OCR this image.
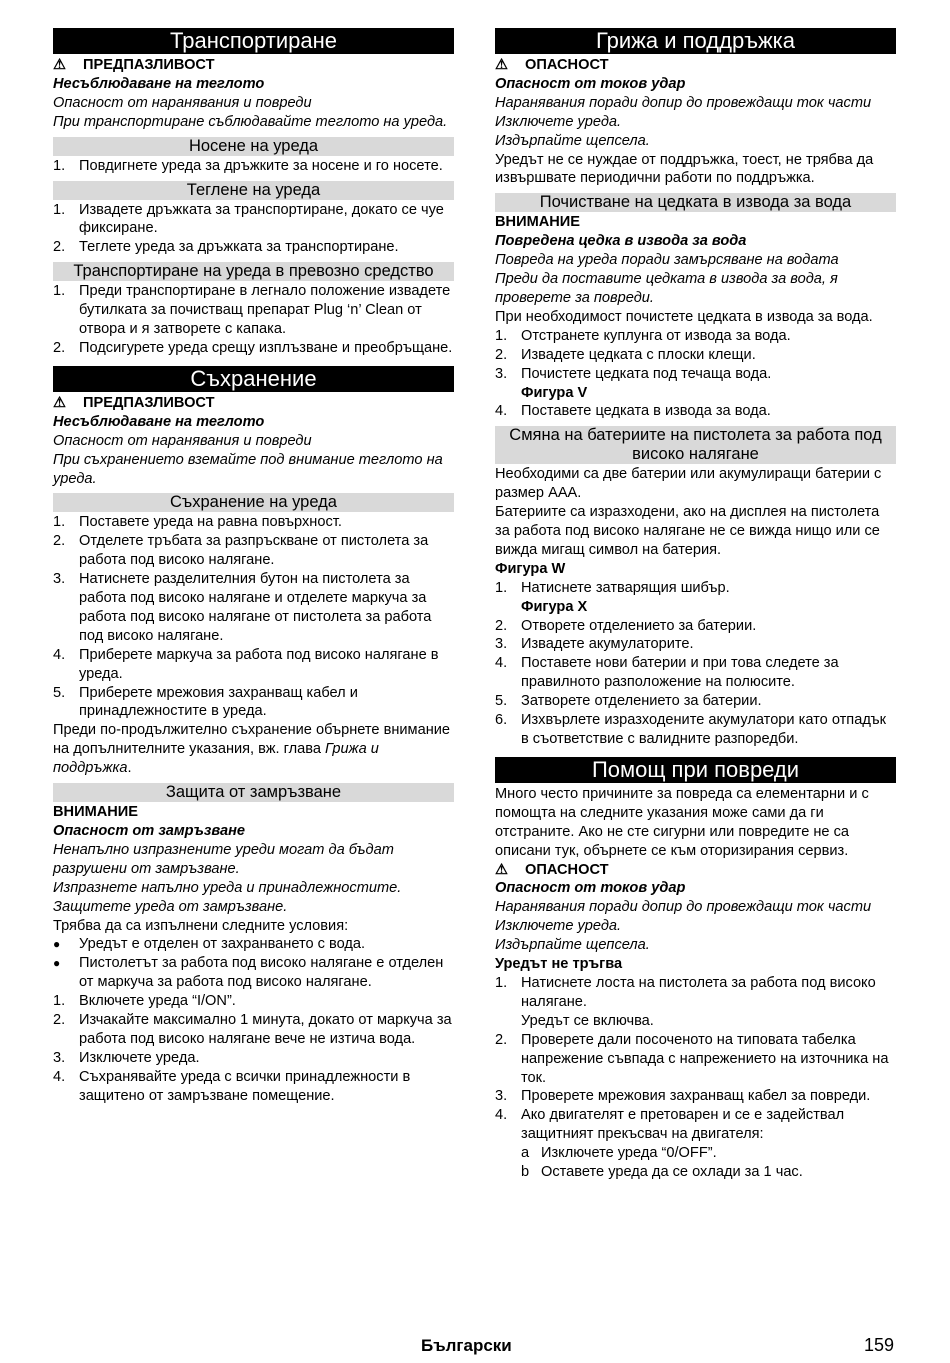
Транспортиране
⚠	ПРЕДПАЗЛИВОСТ
Несъблюдаване на теглото
Опасност от наранявания и повреди
При транспортиране съблюдавайте теглото на уреда.
Носене на уреда
1. Повдигнете уреда за дръжките за носене и го носете.
Теглене на уреда
1. Извадете дръжката за транспортиране, докато се чуе фиксиране.
2. Теглете уреда за дръжката за транспортиране.
Транспортиране на уреда в превозно средство
1. Преди транспортиране в легнало положение извадете бутилката за почистващ препарат Plug ‘n’ Clean от отвора и я затворете с капака.
2. Подсигурете уреда срещу изплъзване и преобръщане.
Съхранение
⚠	ПРЕДПАЗЛИВОСТ
Несъблюдаване на теглото
Опасност от наранявания и повреди
При съхранението вземайте под внимание теглото на уреда.
Съхранение на уреда
1. Поставете уреда на равна повърхност.
2. Отделете тръбата за разпръскване от пистолета за работа под високо налягане.
3. Натиснете разделителния бутон на пистолета за работа под високо налягане и отделете маркуча за работа под високо налягане от пистолета за работа под високо налягане.
4. Приберете маркуча за работа под високо налягане в уреда.
5. Приберете мрежовия захранващ кабел и принадлежностите в уреда.
Преди по-продължително съхранение обърнете внимание на допълнителните указания, вж. глава Грижа и поддръжка.
Защита от замръзване
ВНИМАНИЕ
Опасност от замръзване
Ненапълно изпразнените уреди могат да бъдат разрушени от замръзване.
Изпразнете напълно уреда и принадлежностите.
Защитете уреда от замръзване.
Трябва да са изпълнени следните условия:
●	Уредът е отделен от захранването с вода.
●	Пистолетът за работа под високо налягане е отделен от маркуча за работа под високо налягане.
1. Включете уреда “I/ON”.
2. Изчакайте максимално 1 минута, докато от маркуча за работа под високо налягане вече не изтича вода.
3. Изключете уреда.
4. Съхранявайте уреда с всички принадлежности в защитено от замръзване помещение.
Грижа и поддръжка
⚠	ОПАСНОСТ
Опасност от токов удар
Наранявания поради допир до провеждащи ток части
Изключете уреда.
Издърпайте щепсела.
Уредът не се нуждае от поддръжка, тоест, не трябва да извършвате периодични работи по поддръжка.
Почистване на цедката в извода за вода
ВНИМАНИЕ
Повредена цедка в извода за вода
Повреда на уреда поради замърсяване на водата
Преди да поставите цедката в извода за вода, я проверете за повреди.
При необходимост почистете цедката в извода за вода.
1. Отстранете куплунга от извода за вода.
2. Извадете цедката с плоски клещи.
3. Почистете цедката под течаща вода.
Фигура V
4. Поставете цедката в извода за вода.
Смяна на батериите на пистолета за работа под високо налягане
Необходими са две батерии или акумулиращи батерии с размер AAA.
Батериите са изразходени, ако на дисплея на пистолета за работа под високо налягане не се вижда нищо или се вижда мигащ символ на батерия.
Фигура W
1. Натиснете затварящия шибър.
Фигура X
2. Отворете отделението за батерии.
3. Извадете акумулаторите.
4. Поставете нови батерии и при това следете за правилното разположение на полюсите.
5. Затворете отделението за батерии.
6. Изхвърлете изразходените акумулатори като отпадък в съответствие с валидните разпоредби.
Помощ при повреди
Много често причините за повреда са елементарни и с помощта на следните указания може сами да ги отстраните. Ако не сте сигурни или повредите не са описани тук, обърнете се към оторизирания сервиз.
⚠	ОПАСНОСТ
Опасност от токов удар
Наранявания поради допир до провеждащи ток части
Изключете уреда.
Издърпайте щепсела.
Уредът не тръгва
1. Натиснете лоста на пистолета за работа под високо налягане.
Уредът се включва.
2. Проверете дали посоченото на типовата табелка напрежение съвпада с напрежението на източника на ток.
3. Проверете мрежовия захранващ кабел за повреди.
4. Ако двигателят е претоварен и се е задействал защитният прекъсвач на двигателя:
a Изключете уреда “0/OFF”.
b Оставете уреда да се охлади за 1 час.
Български	159
